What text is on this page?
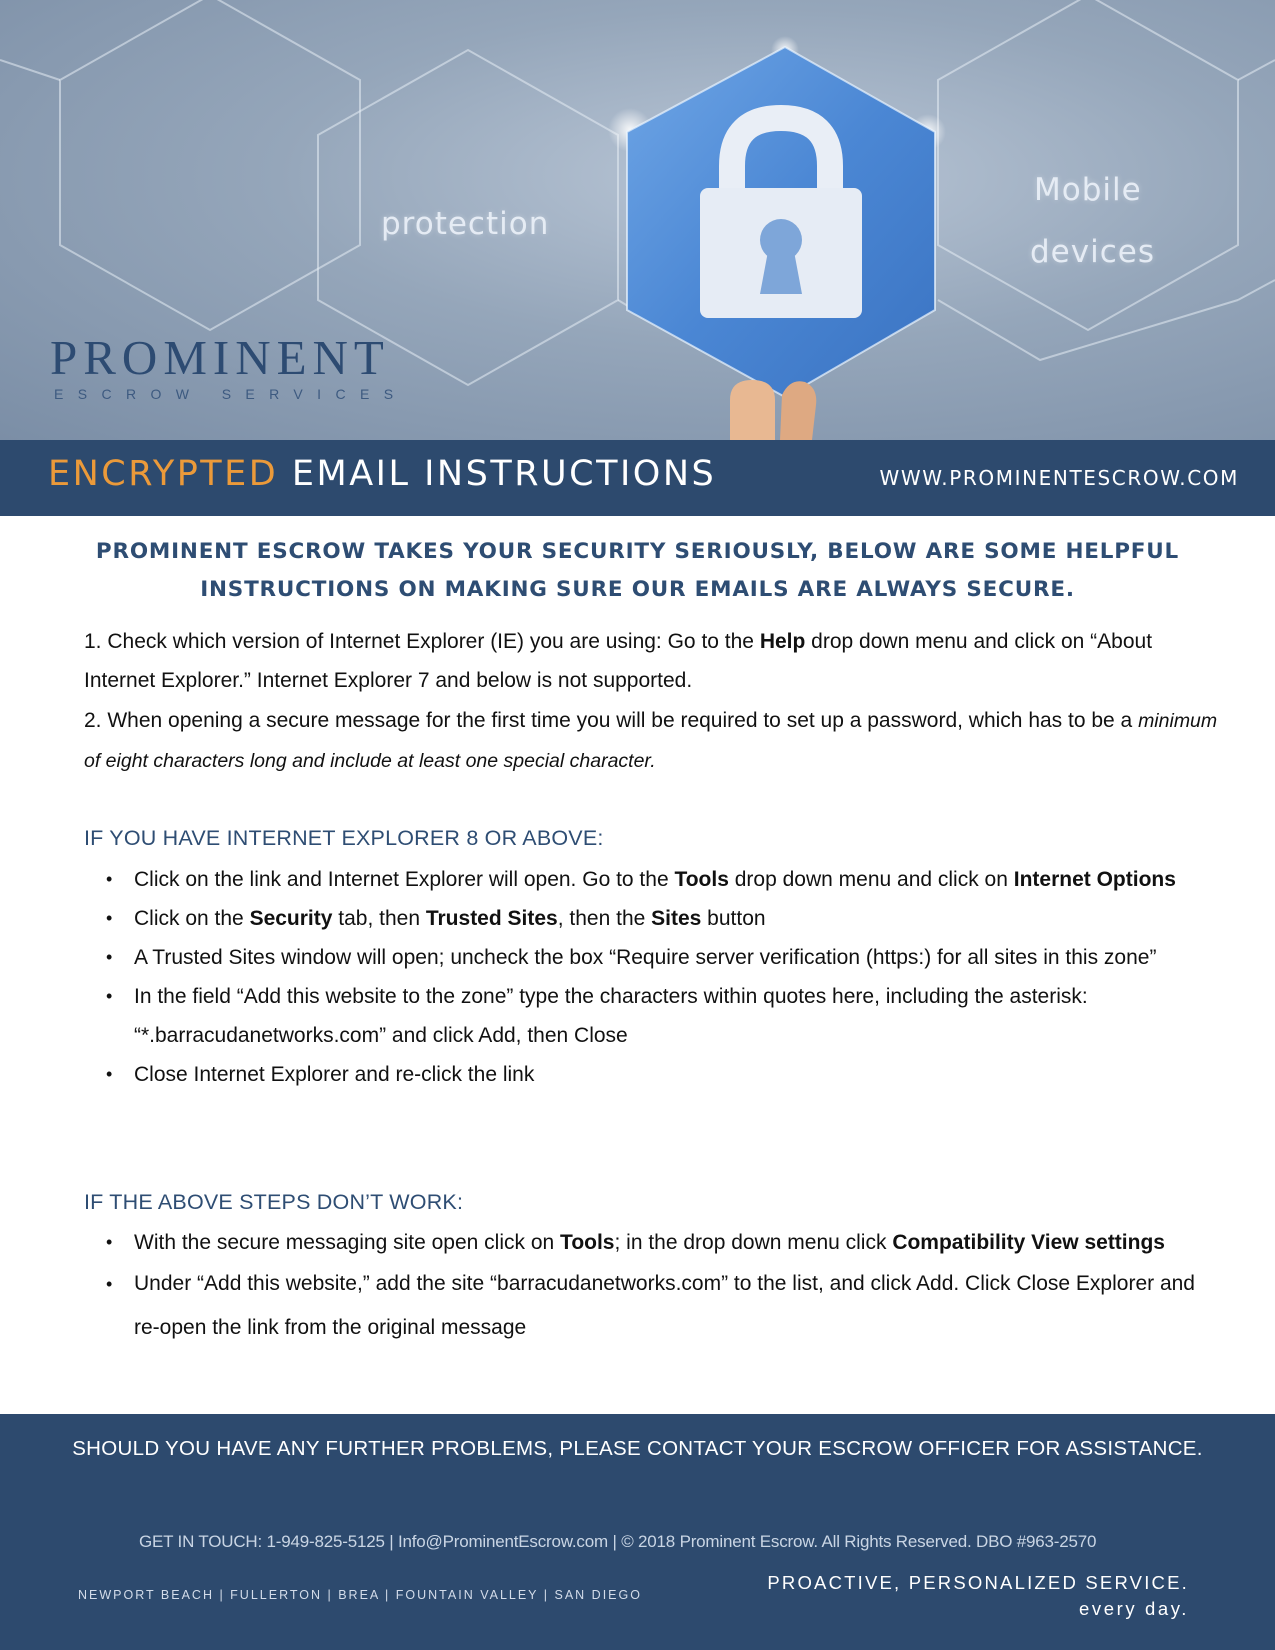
protection
Mobile
devices
PROMINENT
ESCROW SERVICES
ENCRYPTED EMAIL INSTRUCTIONS	WWW.PROMINENTESCROW.COM
PROMINENT ESCROW TAKES YOUR SECURITY SERIOUSLY, BELOW ARE SOME HELPFUL
INSTRUCTIONS ON MAKING SURE OUR EMAILS ARE ALWAYS SECURE.
1. Check which version of Internet Explorer (IE) you are using: Go to the Help drop down menu and click on “About Internet Explorer.” Internet Explorer 7 and below is not supported.
2. When opening a secure message for the first time you will be required to set up a password, which has to be a minimum of eight characters long and include at least one special character.
IF YOU HAVE INTERNET EXPLORER 8 OR ABOVE:
• Click on the link and Internet Explorer will open. Go to the Tools drop down menu and click on Internet Options
• Click on the Security tab, then Trusted Sites, then the Sites button
• A Trusted Sites window will open; uncheck the box “Require server verification (https:) for all sites in this zone”
• In the field “Add this website to the zone” type the characters within quotes here, including the asterisk: “*.barracudanetworks.com” and click Add, then Close
• Close Internet Explorer and re-click the link
IF THE ABOVE STEPS DON’T WORK:
• With the secure messaging site open click on Tools; in the drop down menu click Compatibility View settings
• Under “Add this website,” add the site “barracudanetworks.com” to the list, and click Add. Click Close Explorer and re-open the link from the original message
SHOULD YOU HAVE ANY FURTHER PROBLEMS, PLEASE CONTACT YOUR ESCROW OFFICER FOR ASSISTANCE.
GET IN TOUCH: 1-949-825-5125 | Info@ProminentEscrow.com | © 2018 Prominent Escrow. All Rights Reserved. DBO #963-2570
NEWPORT BEACH | FULLERTON | BREA | FOUNTAIN VALLEY | SAN DIEGO
PROACTIVE, PERSONALIZED SERVICE.
every day.
